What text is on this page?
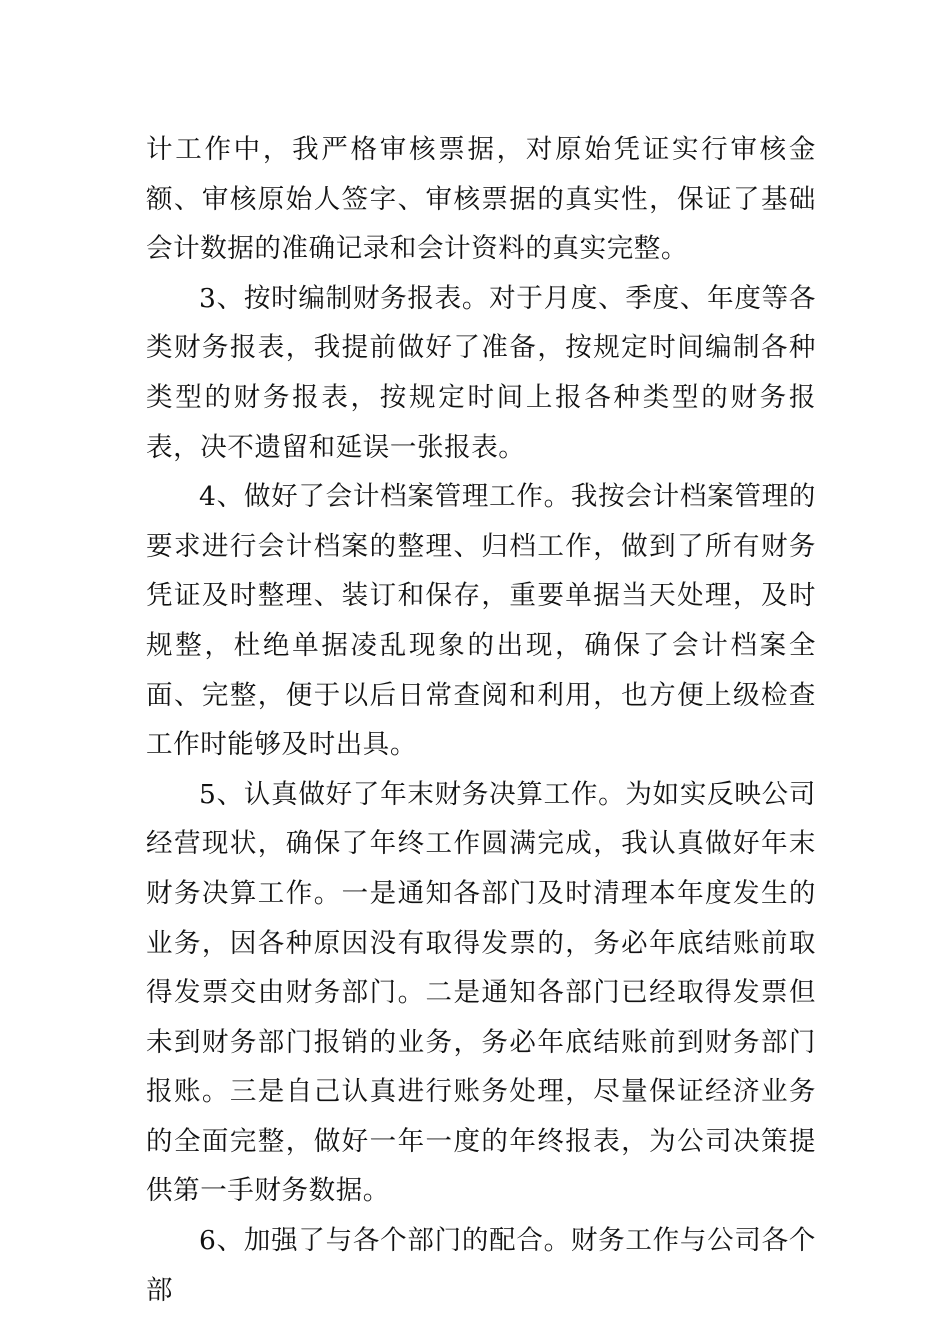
计工作中，我严格审核票据，对原始凭证实行审核金额、审核原始人签字、审核票据的真实性，保证了基础会计数据的准确记录和会计资料的真实完整。

3、按时编制财务报表。对于月度、季度、年度等各类财务报表，我提前做好了准备，按规定时间编制各种类型的财务报表，按规定时间上报各种类型的财务报表，决不遗留和延误一张报表。

4、做好了会计档案管理工作。我按会计档案管理的要求进行会计档案的整理、归档工作，做到了所有财务凭证及时整理、装订和保存，重要单据当天处理，及时规整，杜绝单据凌乱现象的出现，确保了会计档案全面、完整，便于以后日常查阅和利用，也方便上级检查工作时能够及时出具。

5、认真做好了年末财务决算工作。为如实反映公司经营现状，确保了年终工作圆满完成，我认真做好年末财务决算工作。一是通知各部门及时清理本年度发生的业务，因各种原因没有取得发票的，务必年底结账前取得发票交由财务部门。二是通知各部门已经取得发票但未到财务部门报销的业务，务必年底结账前到财务部门报账。三是自己认真进行账务处理，尽量保证经济业务的全面完整，做好一年一度的年终报表，为公司决策提供第一手财务数据。

6、加强了与各个部门的配合。财务工作与公司各个部
